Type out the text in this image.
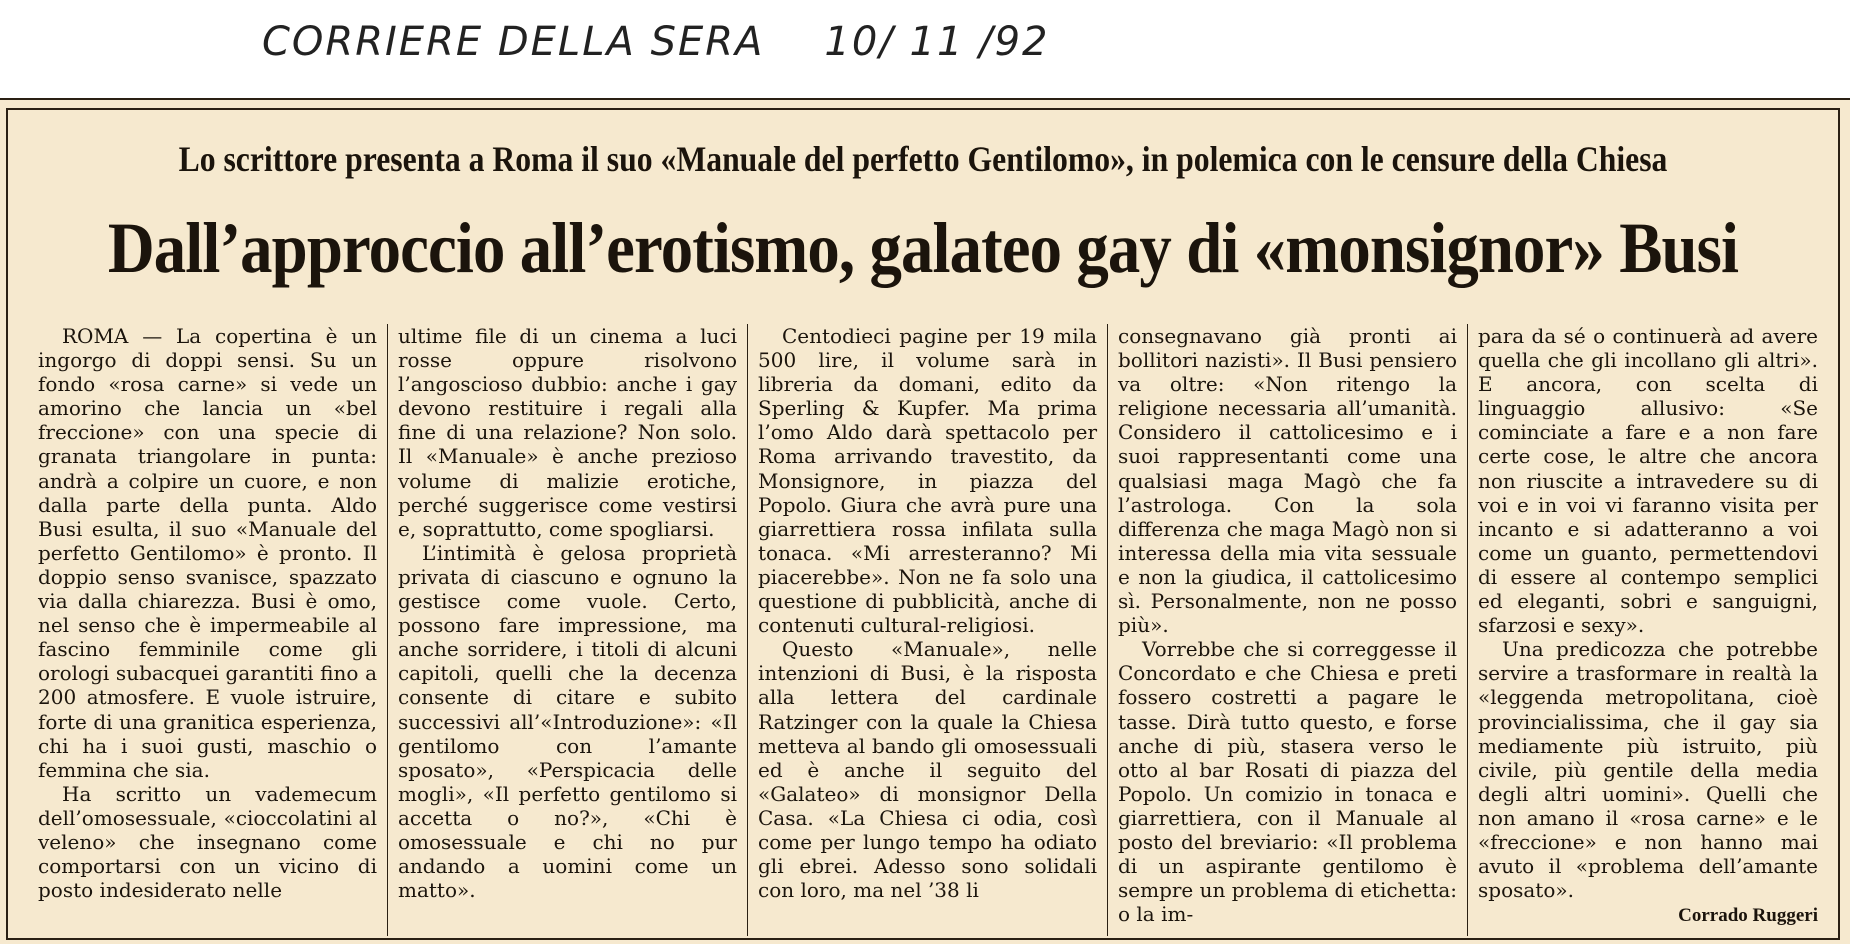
CORRIERE DELLA SERA 10/ 11 /92
Lo scrittore presenta a Roma il suo «Manuale del perfetto Gentilomo», in polemica con le censure della Chiesa
Dall’approccio all’erotismo, galateo gay di «monsignor» Busi

ROMA — La copertina è un ingorgo di doppi sensi. Su un fondo «rosa carne» si vede un amorino che lancia un «bel freccione» con una specie di granata triangolare in punta: andrà a colpire un cuore, e non dalla parte della punta. Aldo Busi esulta, il suo «Manuale del perfetto Gentilomo» è pronto. Il doppio senso svanisce, spazzato via dalla chiarezza. Busi è omo, nel senso che è impermeabile al fascino femminile come gli orologi subacquei garantiti fino a 200 atmosfere. E vuole istruire, forte di una granitica esperienza, chi ha i suoi gusti, maschio o femmina che sia.

Ha scritto un vademecum dell’omosessuale, «cioccolatini al veleno» che insegnano come comportarsi con un vicino di posto indesiderato nelle

ultime file di un cinema a luci rosse oppure risolvono l’angoscioso dubbio: anche i gay devono restituire i regali alla fine di una relazione? Non solo. Il «Manuale» è anche prezioso volume di malizie erotiche, perché suggerisce come vestirsi e, soprattutto, come spogliarsi.

L’intimità è gelosa proprietà privata di ciascuno e ognuno la gestisce come vuole. Certo, possono fare impressione, ma anche sorridere, i titoli di alcuni capitoli, quelli che la decenza consente di citare e subito successivi all’«Introduzione»: «Il gentilomo con l’amante sposato», «Perspicacia delle mogli», «Il perfetto gentilomo si accetta o no?», «Chi è omosessuale e chi no pur andando a uomini come un matto».

Centodieci pagine per 19 mila 500 lire, il volume sarà in libreria da domani, edito da Sperling & Kupfer. Ma prima l’omo Aldo darà spettacolo per Roma arrivando travestito, da Monsignore, in piazza del Popolo. Giura che avrà pure una giarrettiera rossa infilata sulla tonaca. «Mi arresteranno? Mi piacerebbe». Non ne fa solo una questione di pubblicità, anche di contenuti cultural-religiosi.

Questo «Manuale», nelle intenzioni di Busi, è la risposta alla lettera del cardinale Ratzinger con la quale la Chiesa metteva al bando gli omosessuali ed è anche il seguito del «Galateo» di monsignor Della Casa. «La Chiesa ci odia, così come per lungo tempo ha odiato gli ebrei. Adesso sono solidali con loro, ma nel ’38 li

consegnavano già pronti ai bollitori nazisti». Il Busi pensiero va oltre: «Non ritengo la religione necessaria all’umanità. Considero il cattolicesimo e i suoi rappresentanti come una qualsiasi maga Magò che fa l’astrologa. Con la sola differenza che maga Magò non si interessa della mia vita sessuale e non la giudica, il cattolicesimo sì. Personalmente, non ne posso più».

Vorrebbe che si correggesse il Concordato e che Chiesa e preti fossero costretti a pagare le tasse. Dirà tutto questo, e forse anche di più, stasera verso le otto al bar Rosati di piazza del Popolo. Un comizio in tonaca e giarrettiera, con il Manuale al posto del breviario: «Il problema di un aspirante gentilomo è sempre un problema di etichetta: o la im-

para da sé o continuerà ad avere quella che gli incollano gli altri». E ancora, con scelta di linguaggio allusivo: «Se cominciate a fare e a non fare certe cose, le altre che ancora non riuscite a intravedere su di voi e in voi vi faranno visita per incanto e si adatteranno a voi come un guanto, permettendovi di essere al contempo semplici ed eleganti, sobri e sanguigni, sfarzosi e sexy».

Una predicozza che potrebbe servire a trasformare in realtà la «leggenda metropolitana, cioè provincialissima, che il gay sia mediamente più istruito, più civile, più gentile della media degli altri uomini». Quelli che non amano il «rosa carne» e le «freccione» e non hanno mai avuto il «problema dell’amante sposato».

Corrado Ruggeri
